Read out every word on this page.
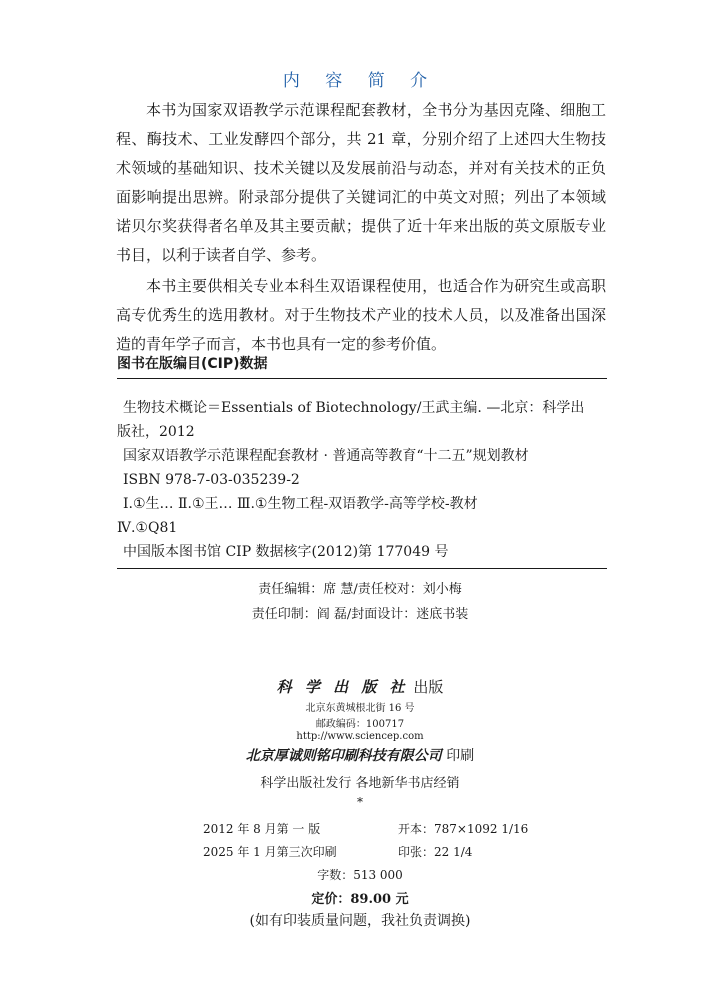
内 容 简 介

本书为国家双语教学示范课程配套教材，全书分为基因克隆、细胞工程、酶技术、工业发酵四个部分，共 21 章，分别介绍了上述四大生物技术领域的基础知识、技术关键以及发展前沿与动态，并对有关技术的正负面影响提出思辨。附录部分提供了关键词汇的中英文对照；列出了本领域诺贝尔奖获得者名单及其主要贡献；提供了近十年来出版的英文原版专业书目，以利于读者自学、参考。

本书主要供相关专业本科生双语课程使用，也适合作为研究生或高职高专优秀生的选用教材。对于生物技术产业的技术人员，以及准备出国深造的青年学子而言，本书也具有一定的参考价值。

图书在版编目(CIP)数据
生物技术概论＝Essentials of Biotechnology/王武主编. —北京：科学出
版社，2012
国家双语教学示范课程配套教材 · 普通高等教育“十二五”规划教材
ISBN 978-7-03-035239-2
Ⅰ.①生… Ⅱ.①王… Ⅲ.①生物工程-双语教学-高等学校-教材
Ⅳ.①Q81
中国版本图书馆 CIP 数据核字(2012)第 177049 号
责任编辑：席 慧/责任校对：刘小梅
责任印制：阎 磊/封面设计：迷底书装
科 学 出 版 社 出版
北京东黄城根北街 16 号
邮政编码：100717
http://www.sciencep.com
北京厚诚则铭印刷科技有限公司 印刷
科学出版社发行 各地新华书店经销
*
2012 年 8 月第 一 版	开本：787×1092 1/16
2025 年 1 月第三次印刷	印张：22 1/4
字数：513 000
定价：89.00 元
(如有印装质量问题，我社负责调换)
